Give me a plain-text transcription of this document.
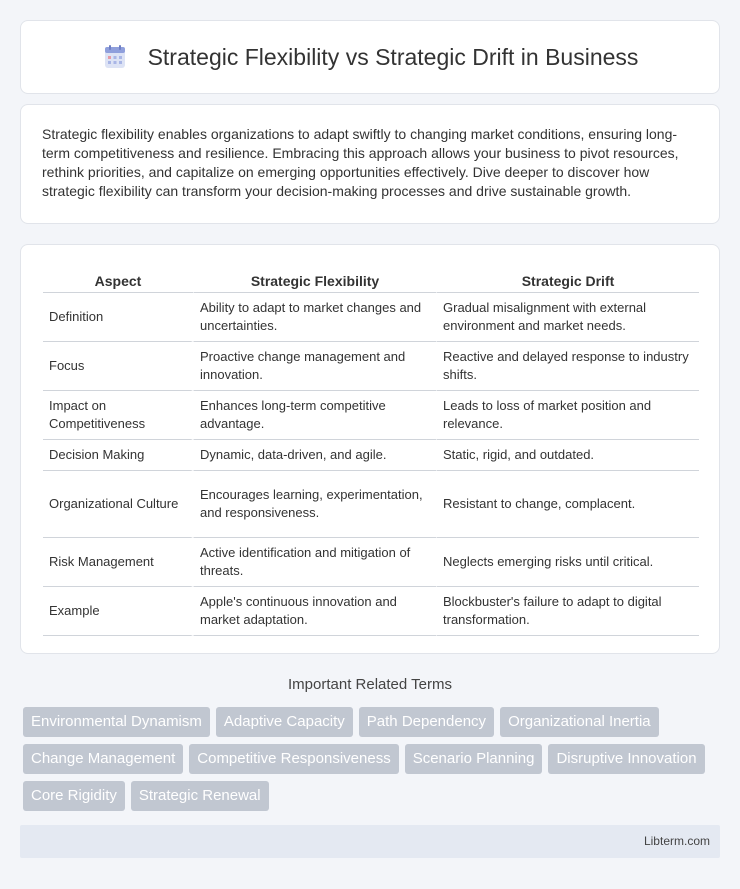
Strategic Flexibility vs Strategic Drift in Business

Strategic flexibility enables organizations to adapt swiftly to changing market conditions, ensuring long-term competitiveness and resilience. Embracing this approach allows your business to pivot resources, rethink priorities, and capitalize on emerging opportunities effectively. Dive deeper to discover how strategic flexibility can transform your decision-making processes and drive sustainable growth.

Aspect	Strategic Flexibility	Strategic Drift
Definition	Ability to adapt to market changes and uncertainties.	Gradual misalignment with external environment and market needs.
Focus	Proactive change management and innovation.	Reactive and delayed response to industry shifts.
Impact on Competitiveness	Enhances long-term competitive advantage.	Leads to loss of market position and relevance.
Decision Making	Dynamic, data-driven, and agile.	Static, rigid, and outdated.
Organizational Culture	Encourages learning, experimentation, and responsiveness.	Resistant to change, complacent.
Risk Management	Active identification and mitigation of threats.	Neglects emerging risks until critical.
Example	Apple's continuous innovation and market adaptation.	Blockbuster's failure to adapt to digital transformation.
Important Related Terms
Environmental Dynamism	Adaptive Capacity	Path Dependency	Organizational Inertia
Change Management	Competitive Responsiveness	Scenario Planning	Disruptive Innovation
Core Rigidity	Strategic Renewal
Libterm.com
